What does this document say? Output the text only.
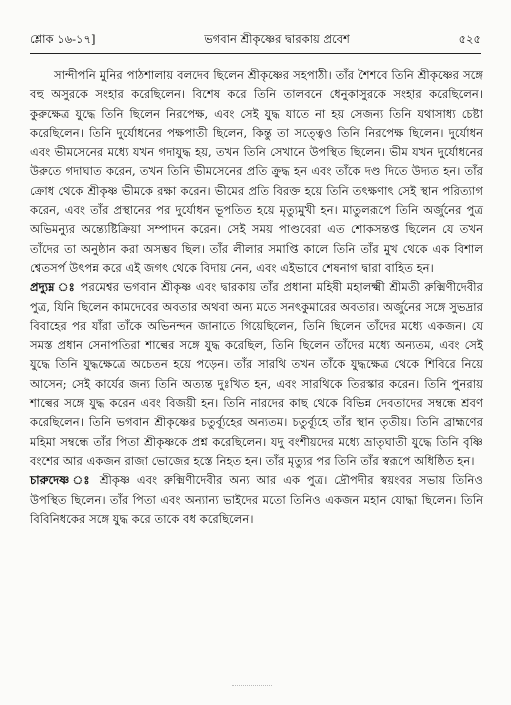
শ্লোক ১৬-১৭]	ভগবান শ্রীকৃষ্ণের দ্বারকায় প্রবেশ	৫২৫

সান্দীপনি মুনির পাঠশালায় বলদেব ছিলেন শ্রীকৃষ্ণের সহপাঠী। তাঁর শৈশবে তিনি শ্রীকৃষ্ণের সঙ্গে বহু অসুরকে সংহার করেছিলেন। বিশেষ করে তিনি তালবনে ধেনুকাসুরকে সংহার করেছিলেন। কুরুক্ষেত্র যুদ্ধে তিনি ছিলেন নিরপেক্ষ, এবং সেই যুদ্ধ যাতে না হয় সেজন্য তিনি যথাসাধ্য চেষ্টা করেছিলেন। তিনি দুর্যোধনের পক্ষপাতী ছিলেন, কিন্তু তা সত্ত্বেও তিনি নিরপেক্ষ ছিলেন। দুর্যোধন এবং ভীমসেনের মধ্যে যখন গদাযুদ্ধ হয়, তখন তিনি সেখানে উপস্থিত ছিলেন। ভীম যখন দুর্যোধনের উরুতে গদাঘাত করেন, তখন তিনি ভীমসেনের প্রতি ক্রুদ্ধ হন এবং তাঁকে দণ্ড দিতে উদ্যত হন। তাঁর ক্রোধ থেকে শ্রীকৃষ্ণ ভীমকে রক্ষা করেন। ভীমের প্রতি বিরক্ত হয়ে তিনি তৎক্ষণাৎ সেই স্থান পরিত্যাগ করেন, এবং তাঁর প্রস্থানের পর দুর্যোধন ভূপতিত হয়ে মৃত্যুমুখী হন। মাতুলরূপে তিনি অর্জুনের পুত্র অভিমন্যুর অন্ত্যেষ্টিক্রিয়া সম্পাদন করেন। সেই সময় পাণ্ডবেরা এত শোকসন্তপ্ত ছিলেন যে তখন তাঁদের তা অনুষ্ঠান করা অসম্ভব ছিল। তাঁর লীলার সমাপ্তি কালে তিনি তাঁর মুখ থেকে এক বিশাল শ্বেতসর্প উৎপন্ন করে এই জগৎ থেকে বিদায় নেন, এবং এইভাবে শেষনাগ দ্বারা বাহিত হন।

প্রদ্যুম্ন ঃ পরমেশ্বর ভগবান শ্রীকৃষ্ণ এবং দ্বারকায় তাঁর প্রধানা মহিষী মহালক্ষ্মী শ্রীমতী রুক্মিণীদেবীর পুত্র, যিনি ছিলেন কামদেবের অবতার অথবা অন্য মতে সনৎকুমারের অবতার। অর্জুনের সঙ্গে সুভদ্রার বিবাহের পর যাঁরা তাঁকে অভিনন্দন জানাতে গিয়েছিলেন, তিনি ছিলেন তাঁদের মধ্যে একজন। যে সমস্ত প্রধান সেনাপতিরা শাল্বের সঙ্গে যুদ্ধ করেছিল, তিনি ছিলেন তাঁদের মধ্যে অন্যতম, এবং সেই যুদ্ধে তিনি যুদ্ধক্ষেত্রে অচেতন হয়ে পড়েন। তাঁর সারথি তখন তাঁকে যুদ্ধক্ষেত্র থেকে শিবিরে নিয়ে আসেন; সেই কার্যের জন্য তিনি অত্যন্ত দুঃখিত হন, এবং সারথিকে তিরস্কার করেন। তিনি পুনরায় শাল্বের সঙ্গে যুদ্ধ করেন এবং বিজয়ী হন। তিনি নারদের কাছ থেকে বিভিন্ন দেবতাদের সম্বন্ধে শ্রবণ করেছিলেন। তিনি ভগবান শ্রীকৃষ্ণের চতুর্ব্যূহের অন্যতম। চতুর্ব্যূহে তাঁর স্থান তৃতীয়। তিনি ব্রাহ্মণের মহিমা সম্বন্ধে তাঁর পিতা শ্রীকৃষ্ণকে প্রশ্ন করেছিলেন। যদু বংশীয়দের মধ্যে ভ্রাতৃঘাতী যুদ্ধে তিনি বৃষ্ণি বংশের আর একজন রাজা ভোজের হস্তে নিহত হন। তাঁর মৃত্যুর পর তিনি তাঁর স্বরূপে অধিষ্ঠিত হন।

চারুদেষ্ণ ঃ শ্রীকৃষ্ণ এবং রুক্মিণীদেবীর অন্য আর এক পুত্র। দ্রৌপদীর স্বয়ংবর সভায় তিনিও উপস্থিত ছিলেন। তাঁর পিতা এবং অন্যান্য ভাইদের মতো তিনিও একজন মহান যোদ্ধা ছিলেন। তিনি বিবিনিধকের সঙ্গে যুদ্ধ করে তাকে বধ করেছিলেন।
